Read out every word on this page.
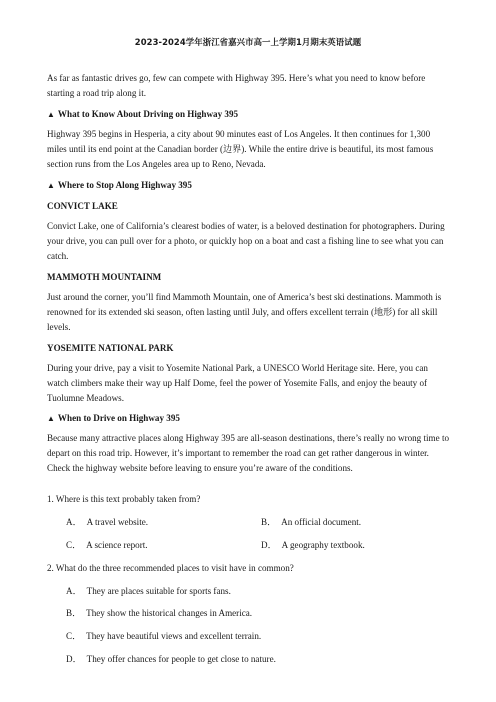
2023-2024学年浙江省嘉兴市高一上学期1月期末英语试题

As far as fantastic drives go, few can compete with Highway 395. Here’s what you need to know before starting a road trip along it.

▲ What to Know About Driving on Highway 395

Highway 395 begins in Hesperia, a city about 90 minutes east of Los Angeles. It then continues for 1,300 miles until its end point at the Canadian border (边界). While the entire drive is beautiful, its most famous section runs from the Los Angeles area up to Reno, Nevada.

▲ Where to Stop Along Highway 395
CONVICT LAKE

Convict Lake, one of California’s clearest bodies of water, is a beloved destination for photographers. During your drive, you can pull over for a photo, or quickly hop on a boat and cast a fishing line to see what you can catch.

MAMMOTH MOUNTAINM

Just around the corner, you’ll find Mammoth Mountain, one of America’s best ski destinations. Mammoth is renowned for its extended ski season, often lasting until July, and offers excellent terrain (地形) for all skill levels.

YOSEMITE NATIONAL PARK

During your drive, pay a visit to Yosemite National Park, a UNESCO World Heritage site. Here, you can watch climbers make their way up Half Dome, feel the power of Yosemite Falls, and enjoy the beauty of Tuolumne Meadows.

▲ When to Drive on Highway 395

Because many attractive places along Highway 395 are all-season destinations, there’s really no wrong time to depart on this road trip. However, it’s important to remember the road can get rather dangerous in winter. Check the highway website before leaving to ensure you’re aware of the conditions.

1. Where is this text probably taken from?
A． A travel website.	B． An official document.
C． A science report.	D． A geography textbook.
2. What do the three recommended places to visit have in common?
A． They are places suitable for sports fans.
B． They show the historical changes in America.
C． They have beautiful views and excellent terrain.
D． They offer chances for people to get close to nature.
